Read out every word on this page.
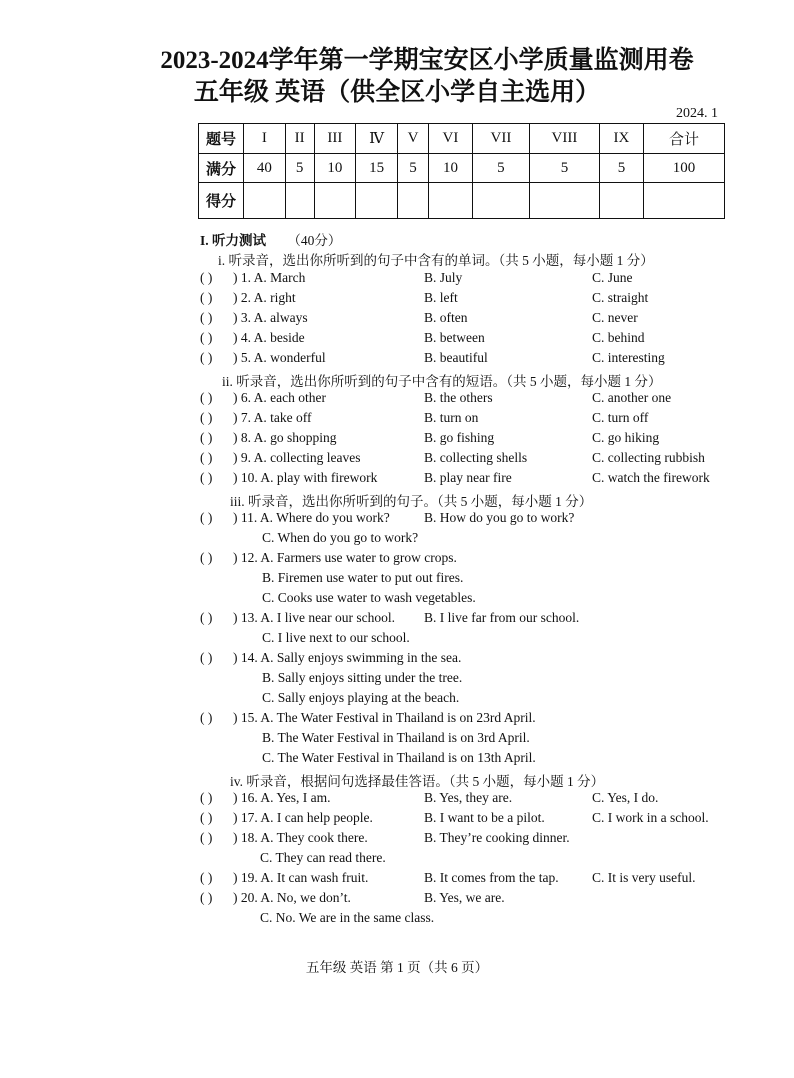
2023-2024学年第一学期宝安区小学质量监测用卷
五年级 英语（供全区小学自主选用）
2024. 1
题号	I	II	III	Ⅳ	V	VI	VII	VIII	IX	合计
满分	40	5	10	15	5	10	5	5	5	100
得分										
I. 听力测试 （40分）
i. 听录音，选出你所听到的句子中含有的单词。（共 5 小题，每小题 1 分）
( ) ) 1. A. March	B. July	C. June
( ) ) 2. A. right	B. left	C. straight
( ) ) 3. A. always	B. often	C. never
( ) ) 4. A. beside	B. between	C. behind
( ) ) 5. A. wonderful	B. beautiful	C. interesting
ii. 听录音，选出你所听到的句子中含有的短语。（共 5 小题，每小题 1 分）
( ) ) 6. A. each other	B. the others	C. another one
( ) ) 7. A. take off	B. turn on	C. turn off
( ) ) 8. A. go shopping	B. go fishing	C. go hiking
( ) ) 9. A. collecting leaves	B. collecting shells	C. collecting rubbish
( ) ) 10. A. play with firework	B. play near fire	C. watch the firework
iii. 听录音，选出你所听到的句子。（共 5 小题，每小题 1 分）
( ) ) 11. A. Where do you work?	B. How do you go to work?
C. When do you go to work?
( ) ) 12. A. Farmers use water to grow crops.
B. Firemen use water to put out fires.
C. Cooks use water to wash vegetables.
( ) ) 13. A. I live near our school. B. I live far from our school.
C. I live next to our school.
( ) ) 14. A. Sally enjoys swimming in the sea.
B. Sally enjoys sitting under the tree.
C. Sally enjoys playing at the beach.
( ) ) 15. A. The Water Festival in Thailand is on 23rd April.
B. The Water Festival in Thailand is on 3rd April.
C. The Water Festival in Thailand is on 13th April.
iv. 听录音，根据问句选择最佳答语。（共 5 小题，每小题 1 分）
( ) ) 16. A. Yes, I am.	B. Yes, they are.	C. Yes, I do.
( ) ) 17. A. I can help people.	B. I want to be a pilot.	C. I work in a school.
( ) ) 18. A. They cook there.	B. They’re cooking dinner.
C. They can read there.
( ) ) 19. A. It can wash fruit.	B. It comes from the tap. C. It is very useful.
( ) ) 20. A. No, we don’t.	B. Yes, we are.
C. No. We are in the same class.
五年级 英语 第 1 页（共 6 页）
